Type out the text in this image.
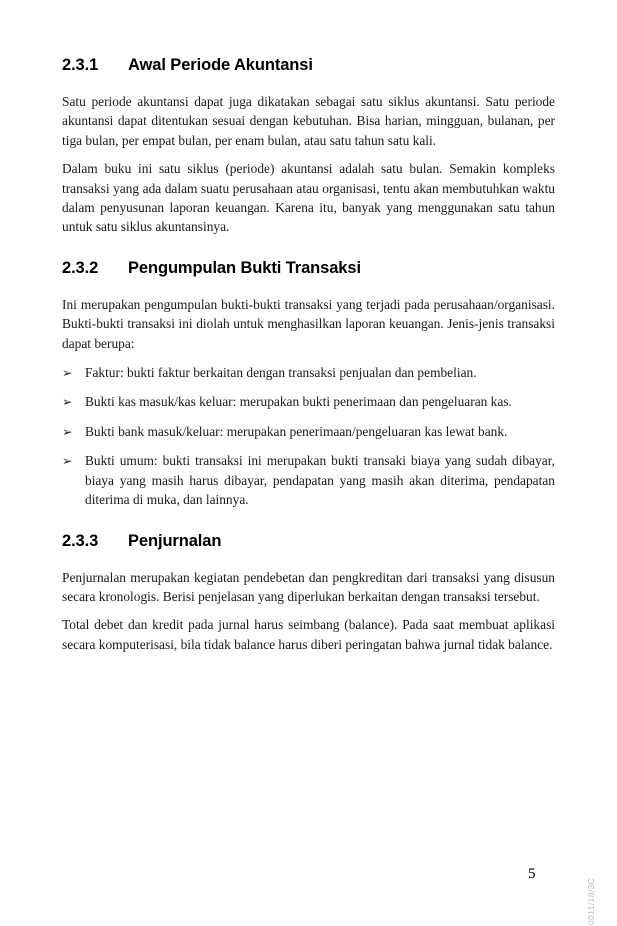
2.3.1	Awal Periode Akuntansi

Satu periode akuntansi dapat juga dikatakan sebagai satu siklus akuntansi. Satu periode akuntansi dapat ditentukan sesuai dengan kebutuhan. Bisa harian, mingguan, bulanan, per tiga bulan, per empat bulan, per enam bulan, atau satu tahun satu kali.

Dalam buku ini satu siklus (periode) akuntansi adalah satu bulan. Semakin kompleks transaksi yang ada dalam suatu perusahaan atau organisasi, tentu akan membutuhkan waktu dalam penyusunan laporan keuangan. Karena itu, banyak yang menggunakan satu tahun untuk satu siklus akuntansinya.

2.3.2	Pengumpulan Bukti Transaksi

Ini merupakan pengumpulan bukti-bukti transaksi yang terjadi pada perusahaan/organisasi. Bukti-bukti transaksi ini diolah untuk menghasilkan laporan keuangan. Jenis-jenis transaksi dapat berupa:

➢ Faktur: bukti faktur berkaitan dengan transaksi penjualan dan pembelian.
➢ Bukti kas masuk/kas keluar: merupakan bukti penerimaan dan pengeluaran kas.
➢ Bukti bank masuk/keluar: merupakan penerimaan/pengeluaran kas lewat bank.
➢ Bukti umum: bukti transaksi ini merupakan bukti transaki biaya yang sudah dibayar, biaya yang masih harus dibayar, pendapatan yang masih akan diterima, pendapatan diterima di muka, dan lainnya.
2.3.3	Penjurnalan

Penjurnalan merupakan kegiatan pendebetan dan pengkreditan dari transaksi yang disusun secara kronologis. Berisi penjelasan yang diperlukan berkaitan dengan transaksi tersebut.

Total debet dan kredit pada jurnal harus seimbang (balance). Pada saat membuat aplikasi secara komputerisasi, bila tidak balance harus diberi peringatan bahwa jurnal tidak balance.

5
0011/18/3C
